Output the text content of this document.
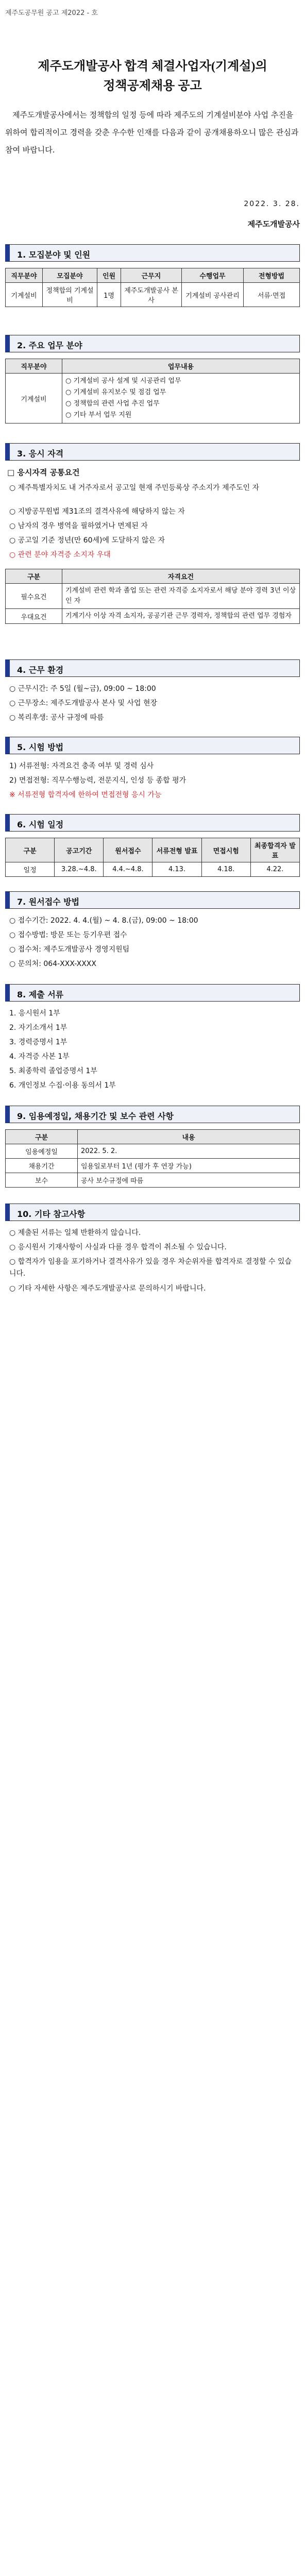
제주도공무원 공고 제2022 - 호
제주도개발공사 합격 체결사업자(기계설)의
정책공제채용 공고
제주도개발공사에서는 정책합의 일정 등에 따라 제주도의 기계설비분야 사업 추진을 위하여 합리적이고 경력을 갖춘 우수한 인재를 다음과 같이 공개채용하오니 많은 관심과 참여 바랍니다.
2022. 3. 28.
제주도개발공사
1. 모집분야 및 인원
직무분야	모집분야	인원	근무지	수행업무	전형방법
기계설비	정책합의 기계설비	1명	제주도개발공사 본사	기계설비 공사관리	서류·면접
2. 주요 업무 분야
직무분야	업무내용
기계설비	○ 기계설비 공사 설계 및 시공관리 업무
○ 기계설비 유지보수 및 점검 업무
○ 정책합의 관련 사업 추진 업무
○ 기타 부서 업무 지원
3. 응시 자격
□ 응시자격 공통요건
○ 제주특별자치도 내 거주자로서 공고일 현재 주민등록상 주소지가 제주도인 자
○ 지방공무원법 제31조의 결격사유에 해당하지 않는 자
○ 남자의 경우 병역을 필하였거나 면제된 자
○ 공고일 기준 정년(만 60세)에 도달하지 않은 자
○ 관련 분야 자격증 소지자 우대
구분	자격요건
필수요건	기계설비 관련 학과 졸업 또는 관련 자격증 소지자로서 해당 분야 경력 3년 이상인 자
우대요건	기계기사 이상 자격 소지자, 공공기관 근무 경력자, 정책합의 관련 업무 경험자
4. 근무 환경
○ 근무시간: 주 5일 (월~금), 09:00 ~ 18:00
○ 근무장소: 제주도개발공사 본사 및 사업 현장
○ 복리후생: 공사 규정에 따름
5. 시험 방법
1) 서류전형: 자격요건 충족 여부 및 경력 심사
2) 면접전형: 직무수행능력, 전문지식, 인성 등 종합 평가
※ 서류전형 합격자에 한하여 면접전형 응시 가능
6. 시험 일정
구분	공고기간	원서접수	서류전형 발표	면접시험	최종합격자 발표
일정	3.28.~4.8.	4.4.~4.8.	4.13.	4.18.	4.22.
7. 원서접수 방법
○ 접수기간: 2022. 4. 4.(월) ~ 4. 8.(금), 09:00 ~ 18:00
○ 접수방법: 방문 또는 등기우편 접수
○ 접수처: 제주도개발공사 경영지원팀
○ 문의처: 064-XXX-XXXX
8. 제출 서류
1. 응시원서 1부
2. 자기소개서 1부
3. 경력증명서 1부
4. 자격증 사본 1부
5. 최종학력 졸업증명서 1부
6. 개인정보 수집·이용 동의서 1부
9. 임용예정일, 채용기간 및 보수 관련 사항
구분	내용
임용예정일	2022. 5. 2.
채용기간	임용일로부터 1년 (평가 후 연장 가능)
보수	공사 보수규정에 따름
10. 기타 참고사항
○ 제출된 서류는 일체 반환하지 않습니다.
○ 응시원서 기재사항이 사실과 다를 경우 합격이 취소될 수 있습니다.
○ 합격자가 임용을 포기하거나 결격사유가 있을 경우 차순위자를 합격자로 결정할 수 있습니다.
○ 기타 자세한 사항은 제주도개발공사로 문의하시기 바랍니다.
